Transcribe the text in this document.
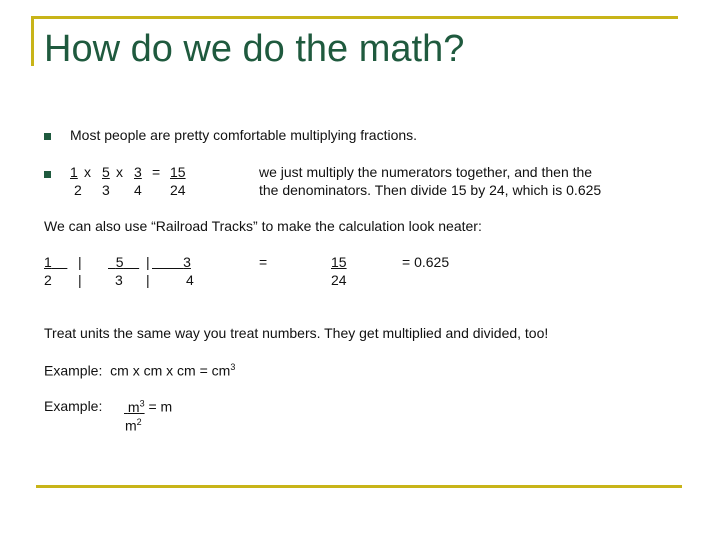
How do we do the math?
Most people are pretty comfortable multiplying fractions.
1 x 5 x 3 = 15
2 3 4 24
we just multiply the numerators together, and then the
the denominators. Then divide 15 by 24, which is 0.625
We can also use “Railroad Tracks” to make the calculation look neater:
1
2
|
|
5
3
|
|
3
4
=	15
24
= 0.625
Treat units the same way you treat numbers. They get multiplied and divided, too!
Example: cm x cm x cm = $cm^3$
Example: $m^3 = m$
$m^2$
